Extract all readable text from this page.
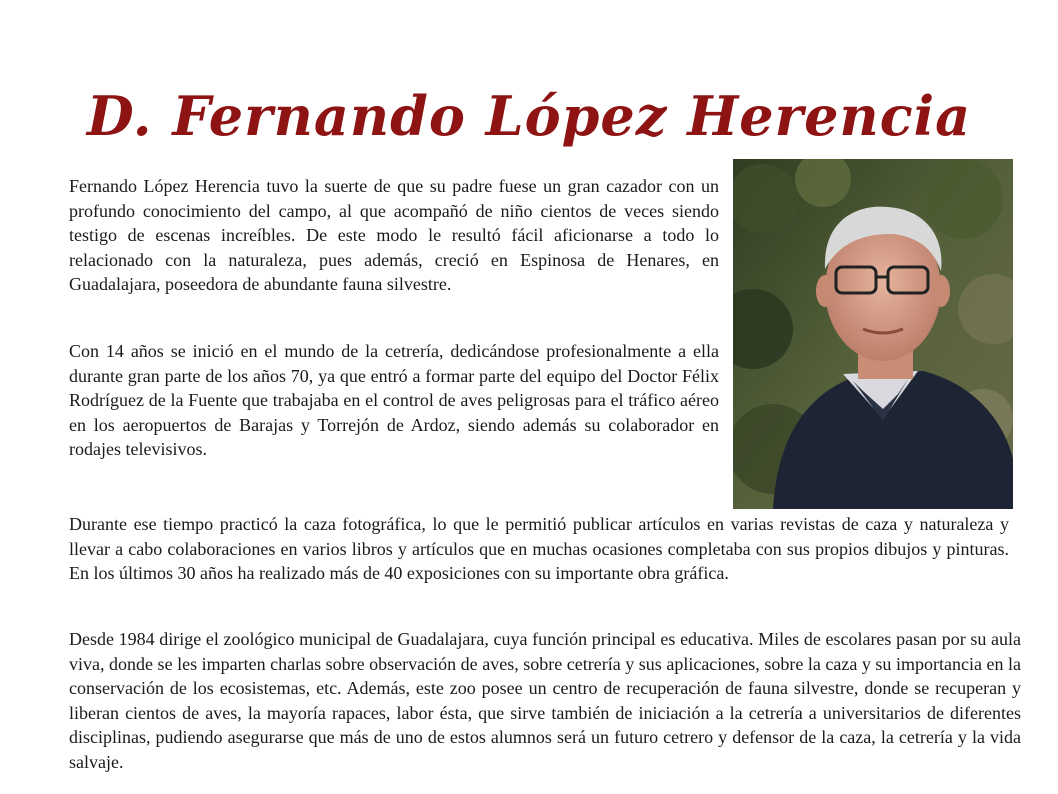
D. Fernando López Herencia

Fernando López Herencia tuvo la suerte de que su padre fuese un gran cazador con un profundo conocimiento del campo, al que acompañó de niño cientos de veces siendo testigo de escenas increíbles. De este modo le resultó fácil aficionarse a todo lo relacionado con la naturaleza, pues además, creció en Espinosa de Henares, en Guadalajara, poseedora de abundante fauna silvestre.

Con 14 años se inició en el mundo de la cetrería, dedicándose profesionalmente a ella durante gran parte de los años 70, ya que entró a formar parte del equipo del Doctor Félix Rodríguez de la Fuente que trabajaba en el control de aves peligrosas para el tráfico aéreo en los aeropuertos de Barajas y Torrejón de Ardoz, siendo además su colaborador en rodajes televisivos.

Durante ese tiempo practicó la caza fotográfica, lo que le permitió publicar artículos en varias revistas de caza y naturaleza y llevar a cabo colaboraciones en varios libros y artículos que en muchas ocasiones completaba con sus propios dibujos y pinturas. En los últimos 30 años ha realizado más de 40 exposiciones con su importante obra gráfica.

Desde 1984 dirige el zoológico municipal de Guadalajara, cuya función principal es educativa. Miles de escolares pasan por su aula viva, donde se les imparten charlas sobre observación de aves, sobre cetrería y sus aplicaciones, sobre la caza y su importancia en la conservación de los ecosistemas, etc. Además, este zoo posee un centro de recuperación de fauna silvestre, donde se recuperan y liberan cientos de aves, la mayoría rapaces, labor ésta, que sirve también de iniciación a la cetrería a universitarios de diferentes disciplinas, pudiendo asegurarse que más de uno de estos alumnos será un futuro cetrero y defensor de la caza, la cetrería y la vida salvaje.
